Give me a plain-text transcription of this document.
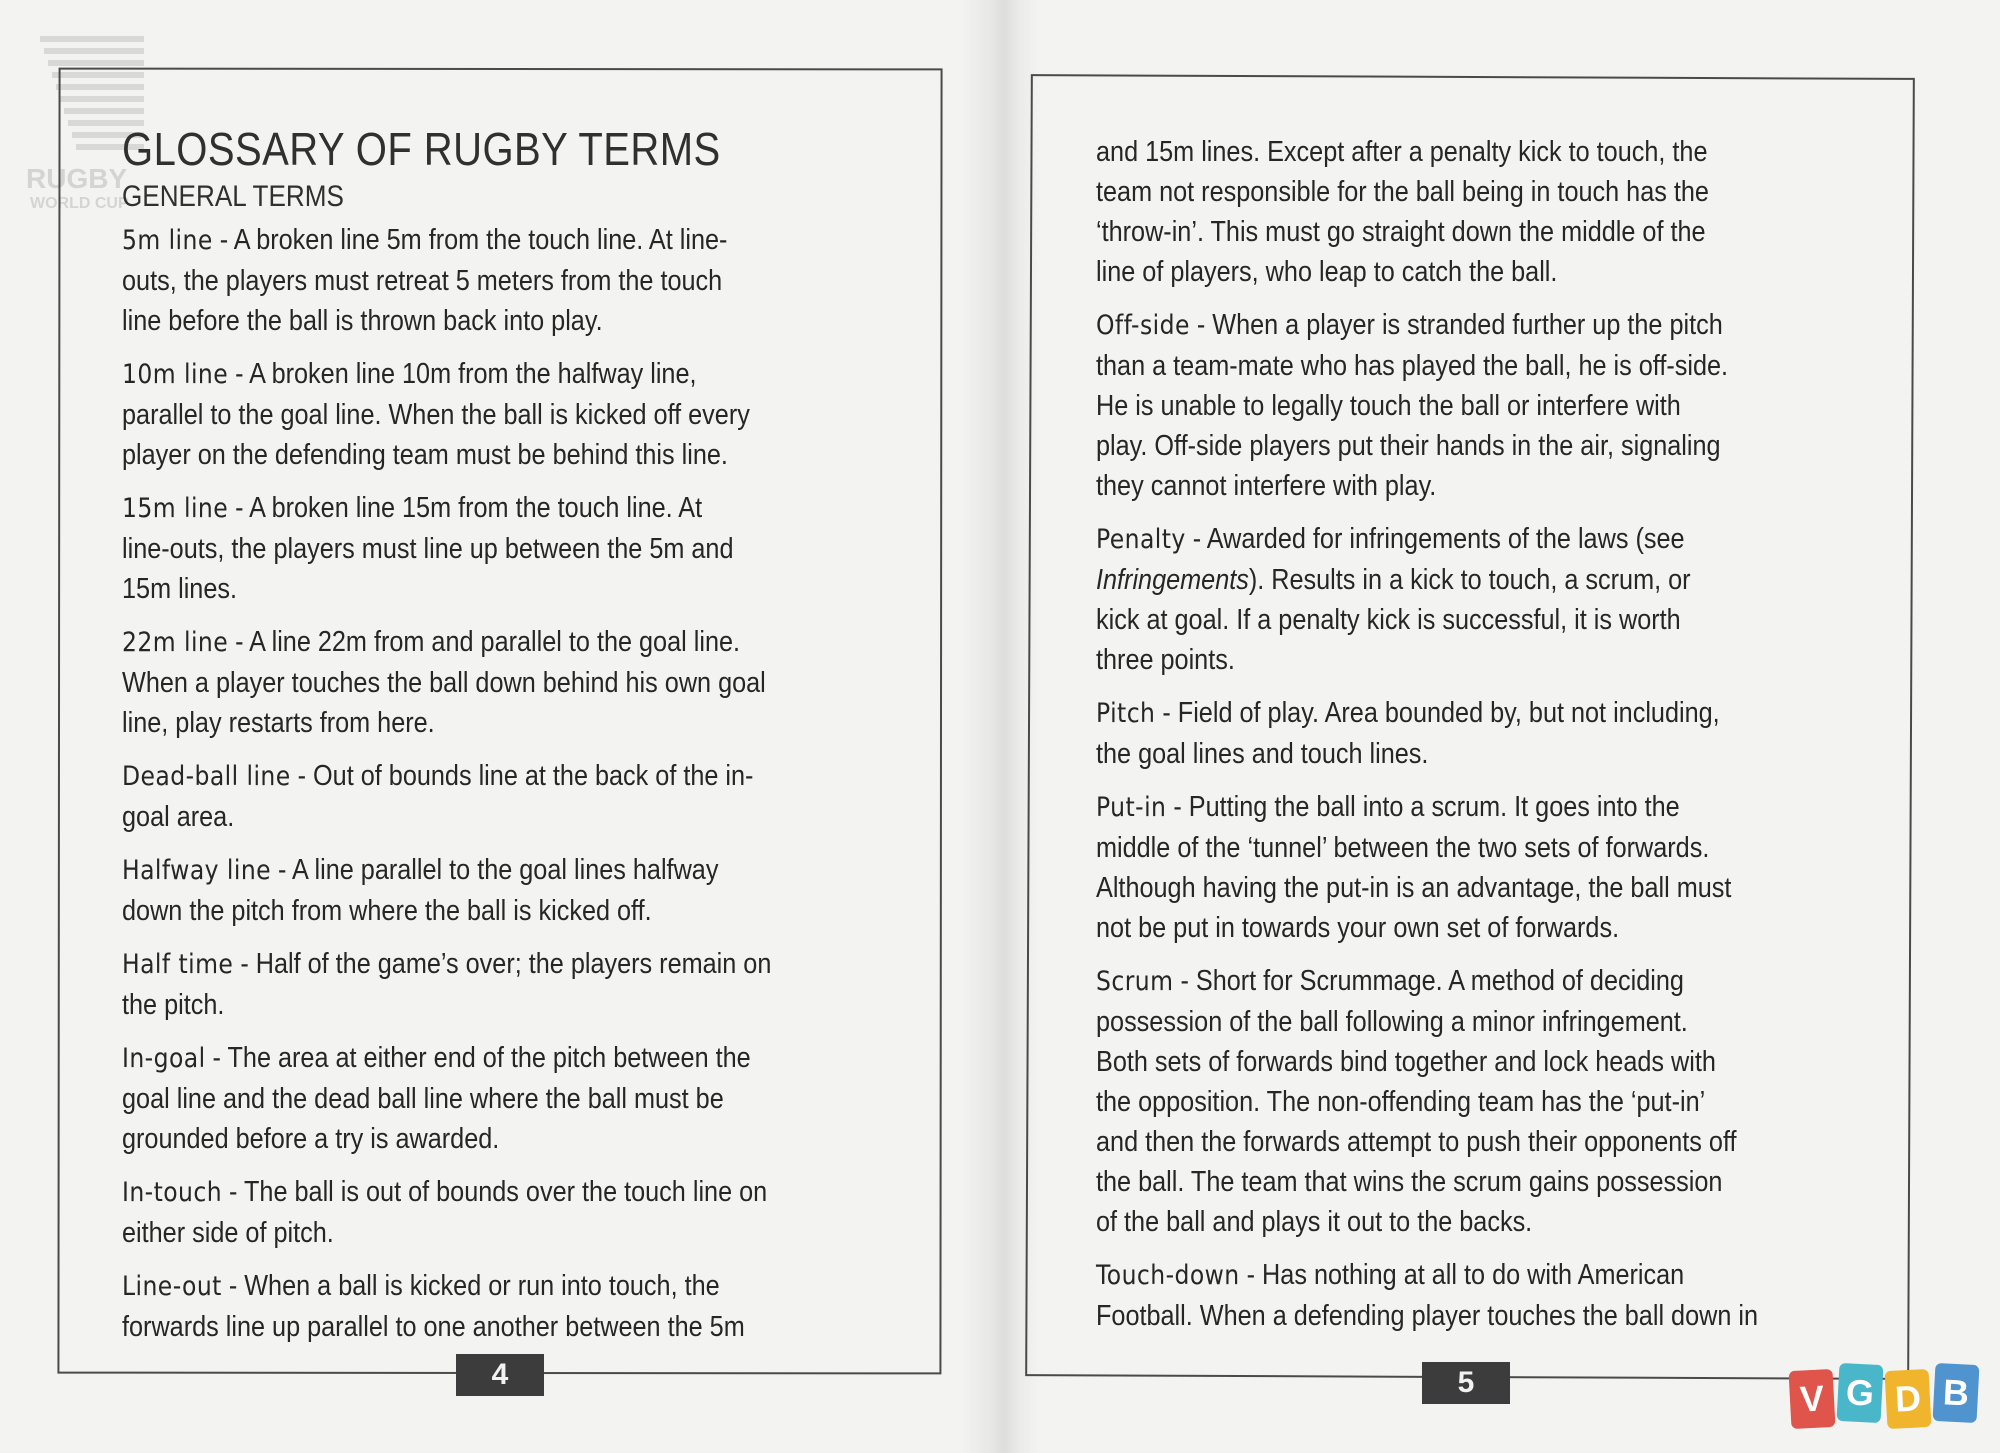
RUGBY
WORLD CUP
GLOSSARY OF RUGBY TERMS
GENERAL TERMS
5m line - A broken line 5m from the touch line. At line-
outs, the players must retreat 5 meters from the touch
line before the ball is thrown back into play.
10m line - A broken line 10m from the halfway line,
parallel to the goal line. When the ball is kicked off every
player on the defending team must be behind this line.
15m line - A broken line 15m from the touch line. At
line-outs, the players must line up between the 5m and
15m lines.
22m line - A line 22m from and parallel to the goal line.
When a player touches the ball down behind his own goal
line, play restarts from here.
Dead-ball line - Out of bounds line at the back of the in-
goal area.
Halfway line - A line parallel to the goal lines halfway
down the pitch from where the ball is kicked off.
Half time - Half of the game’s over; the players remain on
the pitch.
In-goal - The area at either end of the pitch between the
goal line and the dead ball line where the ball must be
grounded before a try is awarded.
In-touch - The ball is out of bounds over the touch line on
either side of pitch.
Line-out - When a ball is kicked or run into touch, the
forwards line up parallel to one another between the 5m
and 15m lines. Except after a penalty kick to touch, the
team not responsible for the ball being in touch has the
‘throw-in’. This must go straight down the middle of the
line of players, who leap to catch the ball.
Off-side - When a player is stranded further up the pitch
than a team-mate who has played the ball, he is off-side.
He is unable to legally touch the ball or interfere with
play. Off-side players put their hands in the air, signaling
they cannot interfere with play.
Penalty - Awarded for infringements of the laws (see
Infringements). Results in a kick to touch, a scrum, or
kick at goal. If a penalty kick is successful, it is worth
three points.
Pitch - Field of play. Area bounded by, but not including,
the goal lines and touch lines.
Put-in - Putting the ball into a scrum. It goes into the
middle of the ‘tunnel’ between the two sets of forwards.
Although having the put-in is an advantage, the ball must
not be put in towards your own set of forwards.
Scrum - Short for Scrummage. A method of deciding
possession of the ball following a minor infringement.
Both sets of forwards bind together and lock heads with
the opposition. The non-offending team has the ‘put-in’
and then the forwards attempt to push their opponents off
the ball. The team that wins the scrum gains possession
of the ball and plays it out to the backs.
Touch-down - Has nothing at all to do with American
Football. When a defending player touches the ball down in
4	5	V G D B
